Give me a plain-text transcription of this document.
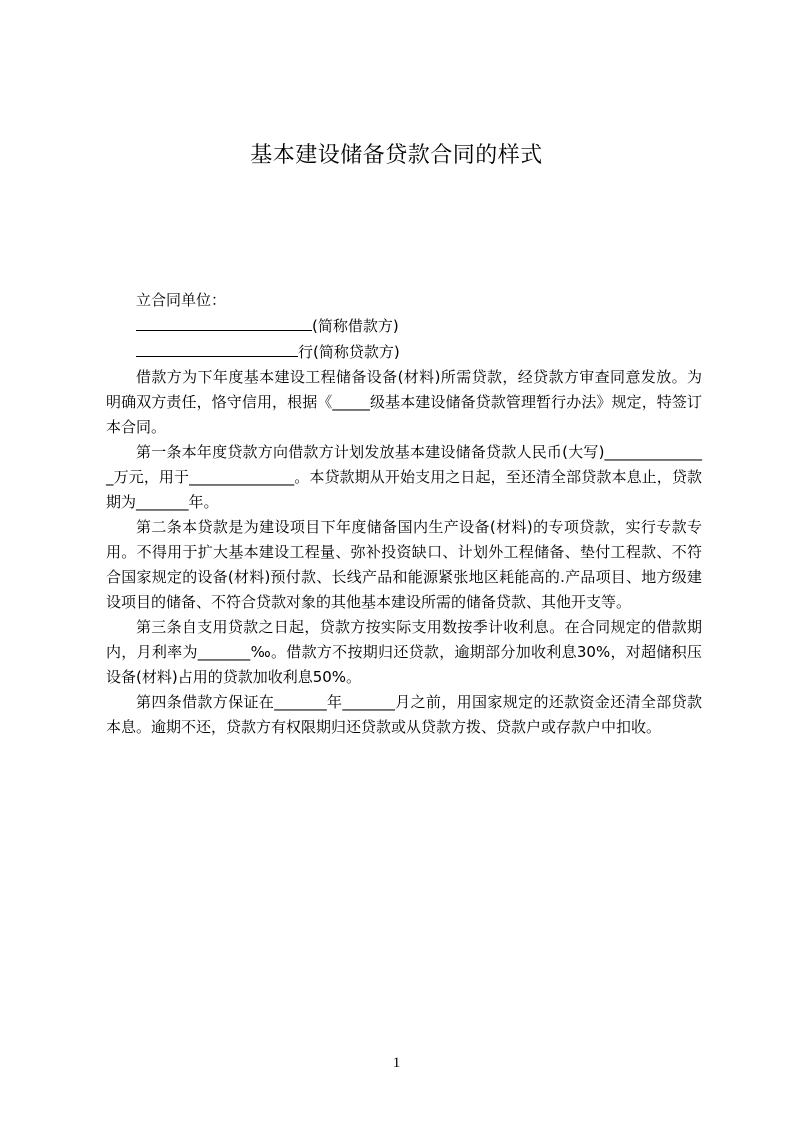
基本建设储备贷款合同的样式

立合同单位：

(简称借款方)

行(简称贷款方)

借款方为下年度基本建设工程储备设备(材料)所需贷款，经贷款方审查同意发放。为明确双方责任，恪守信用，根据《_____级基本建设储备贷款管理暂行办法》规定，特签订本合同。

第一条本年度贷款方向借款方计划发放基本建设储备贷款人民币(大写)______________万元，用于______________。本贷款期从开始支用之日起，至还清全部贷款本息止，贷款期为_______年。

第二条本贷款是为建设项目下年度储备国内生产设备(材料)的专项贷款，实行专款专用。不得用于扩大基本建设工程量、弥补投资缺口、计划外工程储备、垫付工程款、不符合国家规定的设备(材料)预付款、长线产品和能源紧张地区耗能高的.产品项目、地方级建设项目的储备、不符合贷款对象的其他基本建设所需的储备贷款、其他开支等。

第三条自支用贷款之日起，贷款方按实际支用数按季计收利息。在合同规定的借款期内，月利率为_______‰。借款方不按期归还贷款，逾期部分加收利息30%，对超储积压设备(材料)占用的贷款加收利息50%。

第四条借款方保证在_______年_______月之前，用国家规定的还款资金还清全部贷款本息。逾期不还，贷款方有权限期归还贷款或从贷款方拨、贷款户或存款户中扣收。

1
